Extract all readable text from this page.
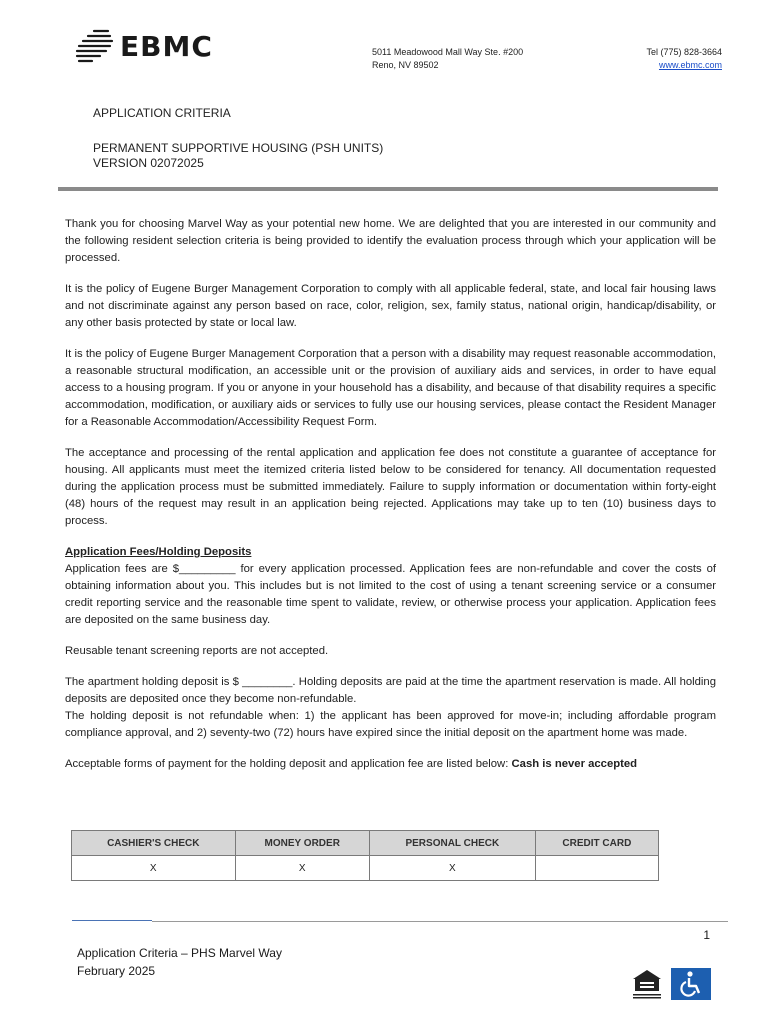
EBMC	5011 Meadowood Mall Way Ste. #200
Reno, NV 89502
Tel (775) 828-3664
www.ebmc.com
APPLICATION CRITERIA
PERMANENT SUPPORTIVE HOUSING (PSH UNITS)
VERSION 02072025

Thank you for choosing Marvel Way as your potential new home. We are delighted that you are interested in our community and the following resident selection criteria is being provided to identify the evaluation process through which your application will be processed.

It is the policy of Eugene Burger Management Corporation to comply with all applicable federal, state, and local fair housing laws and not discriminate against any person based on race, color, religion, sex, family status, national origin, handicap/disability, or any other basis protected by state or local law.

It is the policy of Eugene Burger Management Corporation that a person with a disability may request reasonable accommodation, a reasonable structural modification, an accessible unit or the provision of auxiliary aids and services, in order to have equal access to a housing program. If you or anyone in your household has a disability, and because of that disability requires a specific accommodation, modification, or auxiliary aids or services to fully use our housing services, please contact the Resident Manager for a Reasonable Accommodation/Accessibility Request Form.

The acceptance and processing of the rental application and application fee does not constitute a guarantee of acceptance for housing. All applicants must meet the itemized criteria listed below to be considered for tenancy. All documentation requested during the application process must be submitted immediately. Failure to supply information or documentation within forty-eight (48) hours of the request may result in an application being rejected. Applications may take up to ten (10) business days to process.

Application Fees/Holding Deposits

Application fees are $_________ for every application processed. Application fees are non-refundable and cover the costs of obtaining information about you. This includes but is not limited to the cost of using a tenant screening service or a consumer credit reporting service and the reasonable time spent to validate, review, or otherwise process your application. Application fees are deposited on the same business day.

Reusable tenant screening reports are not accepted.

The apartment holding deposit is $ ________. Holding deposits are paid at the time the apartment reservation is made. All holding deposits are deposited once they become non-refundable.

The holding deposit is not refundable when: 1) the applicant has been approved for move-in; including affordable program compliance approval, and 2) seventy-two (72) hours have expired since the initial deposit on the apartment home was made.

Acceptable forms of payment for the holding deposit and application fee are listed below: Cash is never accepted

CASHIER'S CHECK	MONEY ORDER	PERSONAL CHECK	CREDIT CARD
X	X	X	
1
Application Criteria – PHS Marvel Way
February 2025
